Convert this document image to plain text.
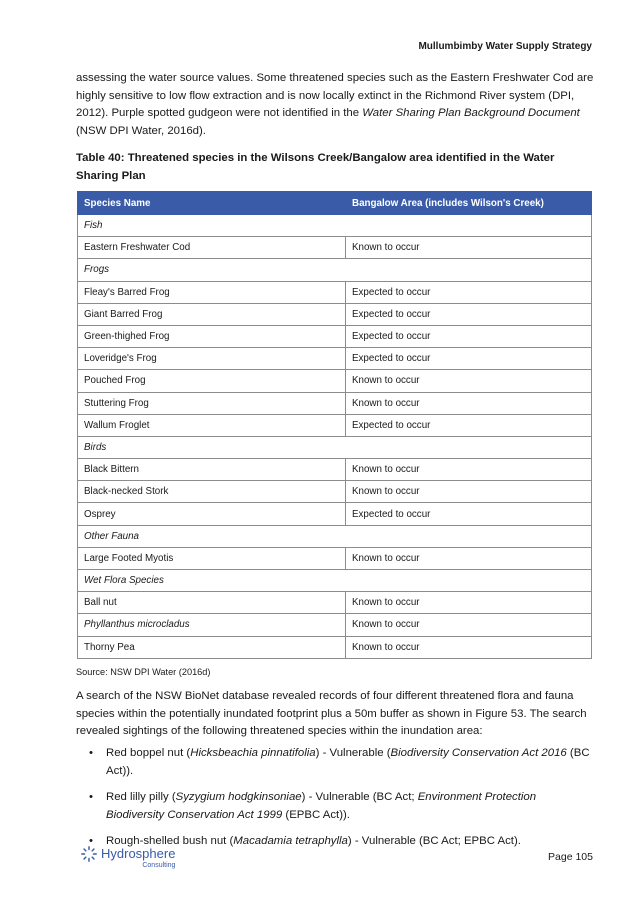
Mullumbimby Water Supply Strategy

assessing the water source values. Some threatened species such as the Eastern Freshwater Cod are highly sensitive to low flow extraction and is now locally extinct in the Richmond River system (DPI, 2012). Purple spotted gudgeon were not identified in the Water Sharing Plan Background Document (NSW DPI Water, 2016d).

Table 40: Threatened species in the Wilsons Creek/Bangalow area identified in the Water Sharing Plan
Species Name	Bangalow Area (includes Wilson's Creek)
Fish	
Eastern Freshwater Cod	Known to occur
Frogs	
Fleay's Barred Frog	Expected to occur
Giant Barred Frog	Expected to occur
Green-thighed Frog	Expected to occur
Loveridge's Frog	Expected to occur
Pouched Frog	Known to occur
Stuttering Frog	Known to occur
Wallum Froglet	Expected to occur
Birds	
Black Bittern	Known to occur
Black-necked Stork	Known to occur
Osprey	Expected to occur
Other Fauna	
Large Footed Myotis	Known to occur
Wet Flora Species	
Ball nut	Known to occur
Phyllanthus microcladus	Known to occur
Thorny Pea	Known to occur
Source: NSW DPI Water (2016d)

A search of the NSW BioNet database revealed records of four different threatened flora and fauna species within the potentially inundated footprint plus a 50m buffer as shown in Figure 53. The search revealed sightings of the following threatened species within the inundation area:

• Red boppel nut (Hicksbeachia pinnatifolia) - Vulnerable (Biodiversity Conservation Act 2016 (BC Act)).
• Red lilly pilly (Syzygium hodgkinsoniae) - Vulnerable (BC Act; Environment Protection Biodiversity Conservation Act 1999 (EPBC Act)).
• Rough-shelled bush nut (Macadamia tetraphylla) - Vulnerable (BC Act; EPBC Act).
Hydrosphere
Consulting
Page 105
